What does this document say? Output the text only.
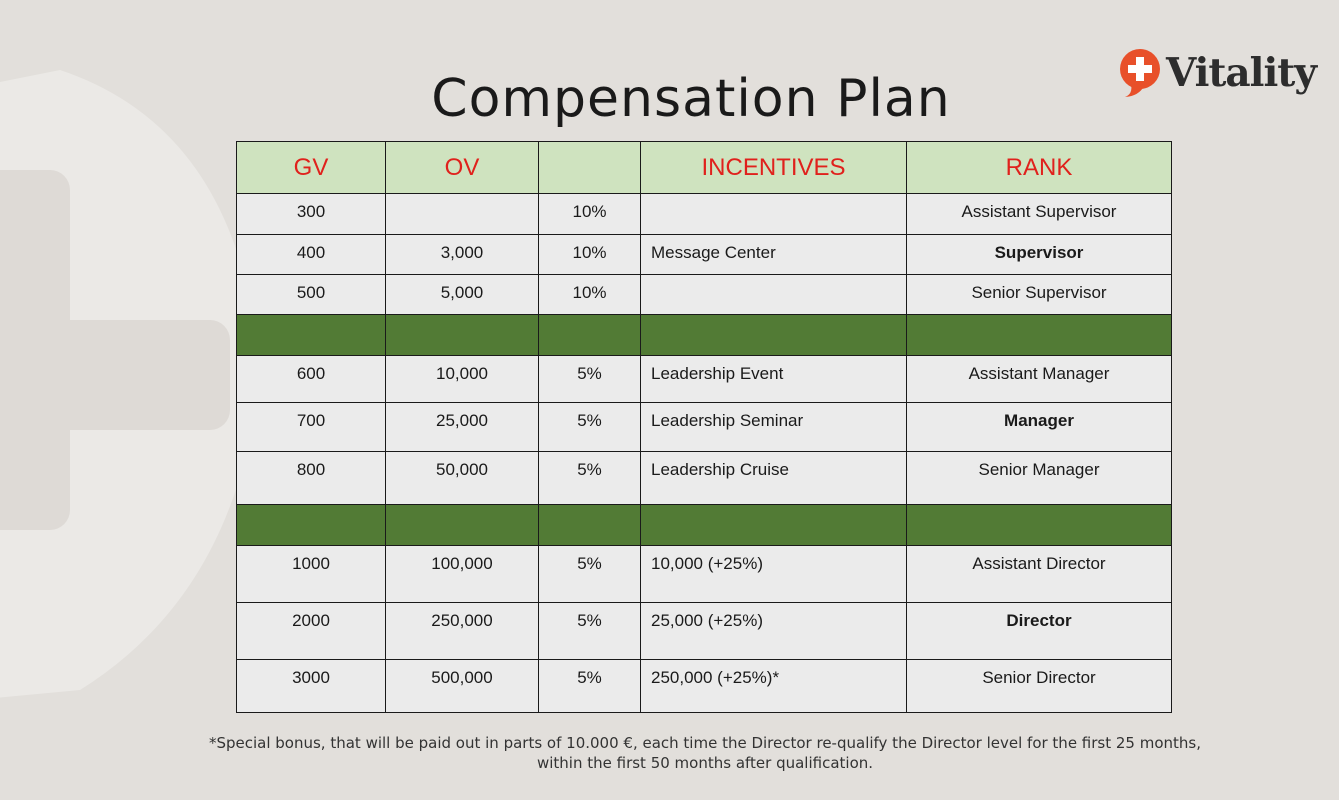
Vitality
Compensation Plan
GV	OV		INCENTIVES	RANK
300		10%		Assistant Supervisor
400	3,000	10%	Message Center	Supervisor
500	5,000	10%		Senior Supervisor

600	10,000	5%	Leadership Event	Assistant Manager
700	25,000	5%	Leadership Seminar	Manager
800	50,000	5%	Leadership Cruise	Senior Manager

1000	100,000	5%	10,000 (+25%)	Assistant Director
2000	250,000	5%	25,000 (+25%)	Director
3000	500,000	5%	250,000 (+25%)*	Senior Director
*Special bonus, that will be paid out in parts of 10.000 €, each time the Director re-qualify the Director level for the first 25 months,
within the first 50 months after qualification.
